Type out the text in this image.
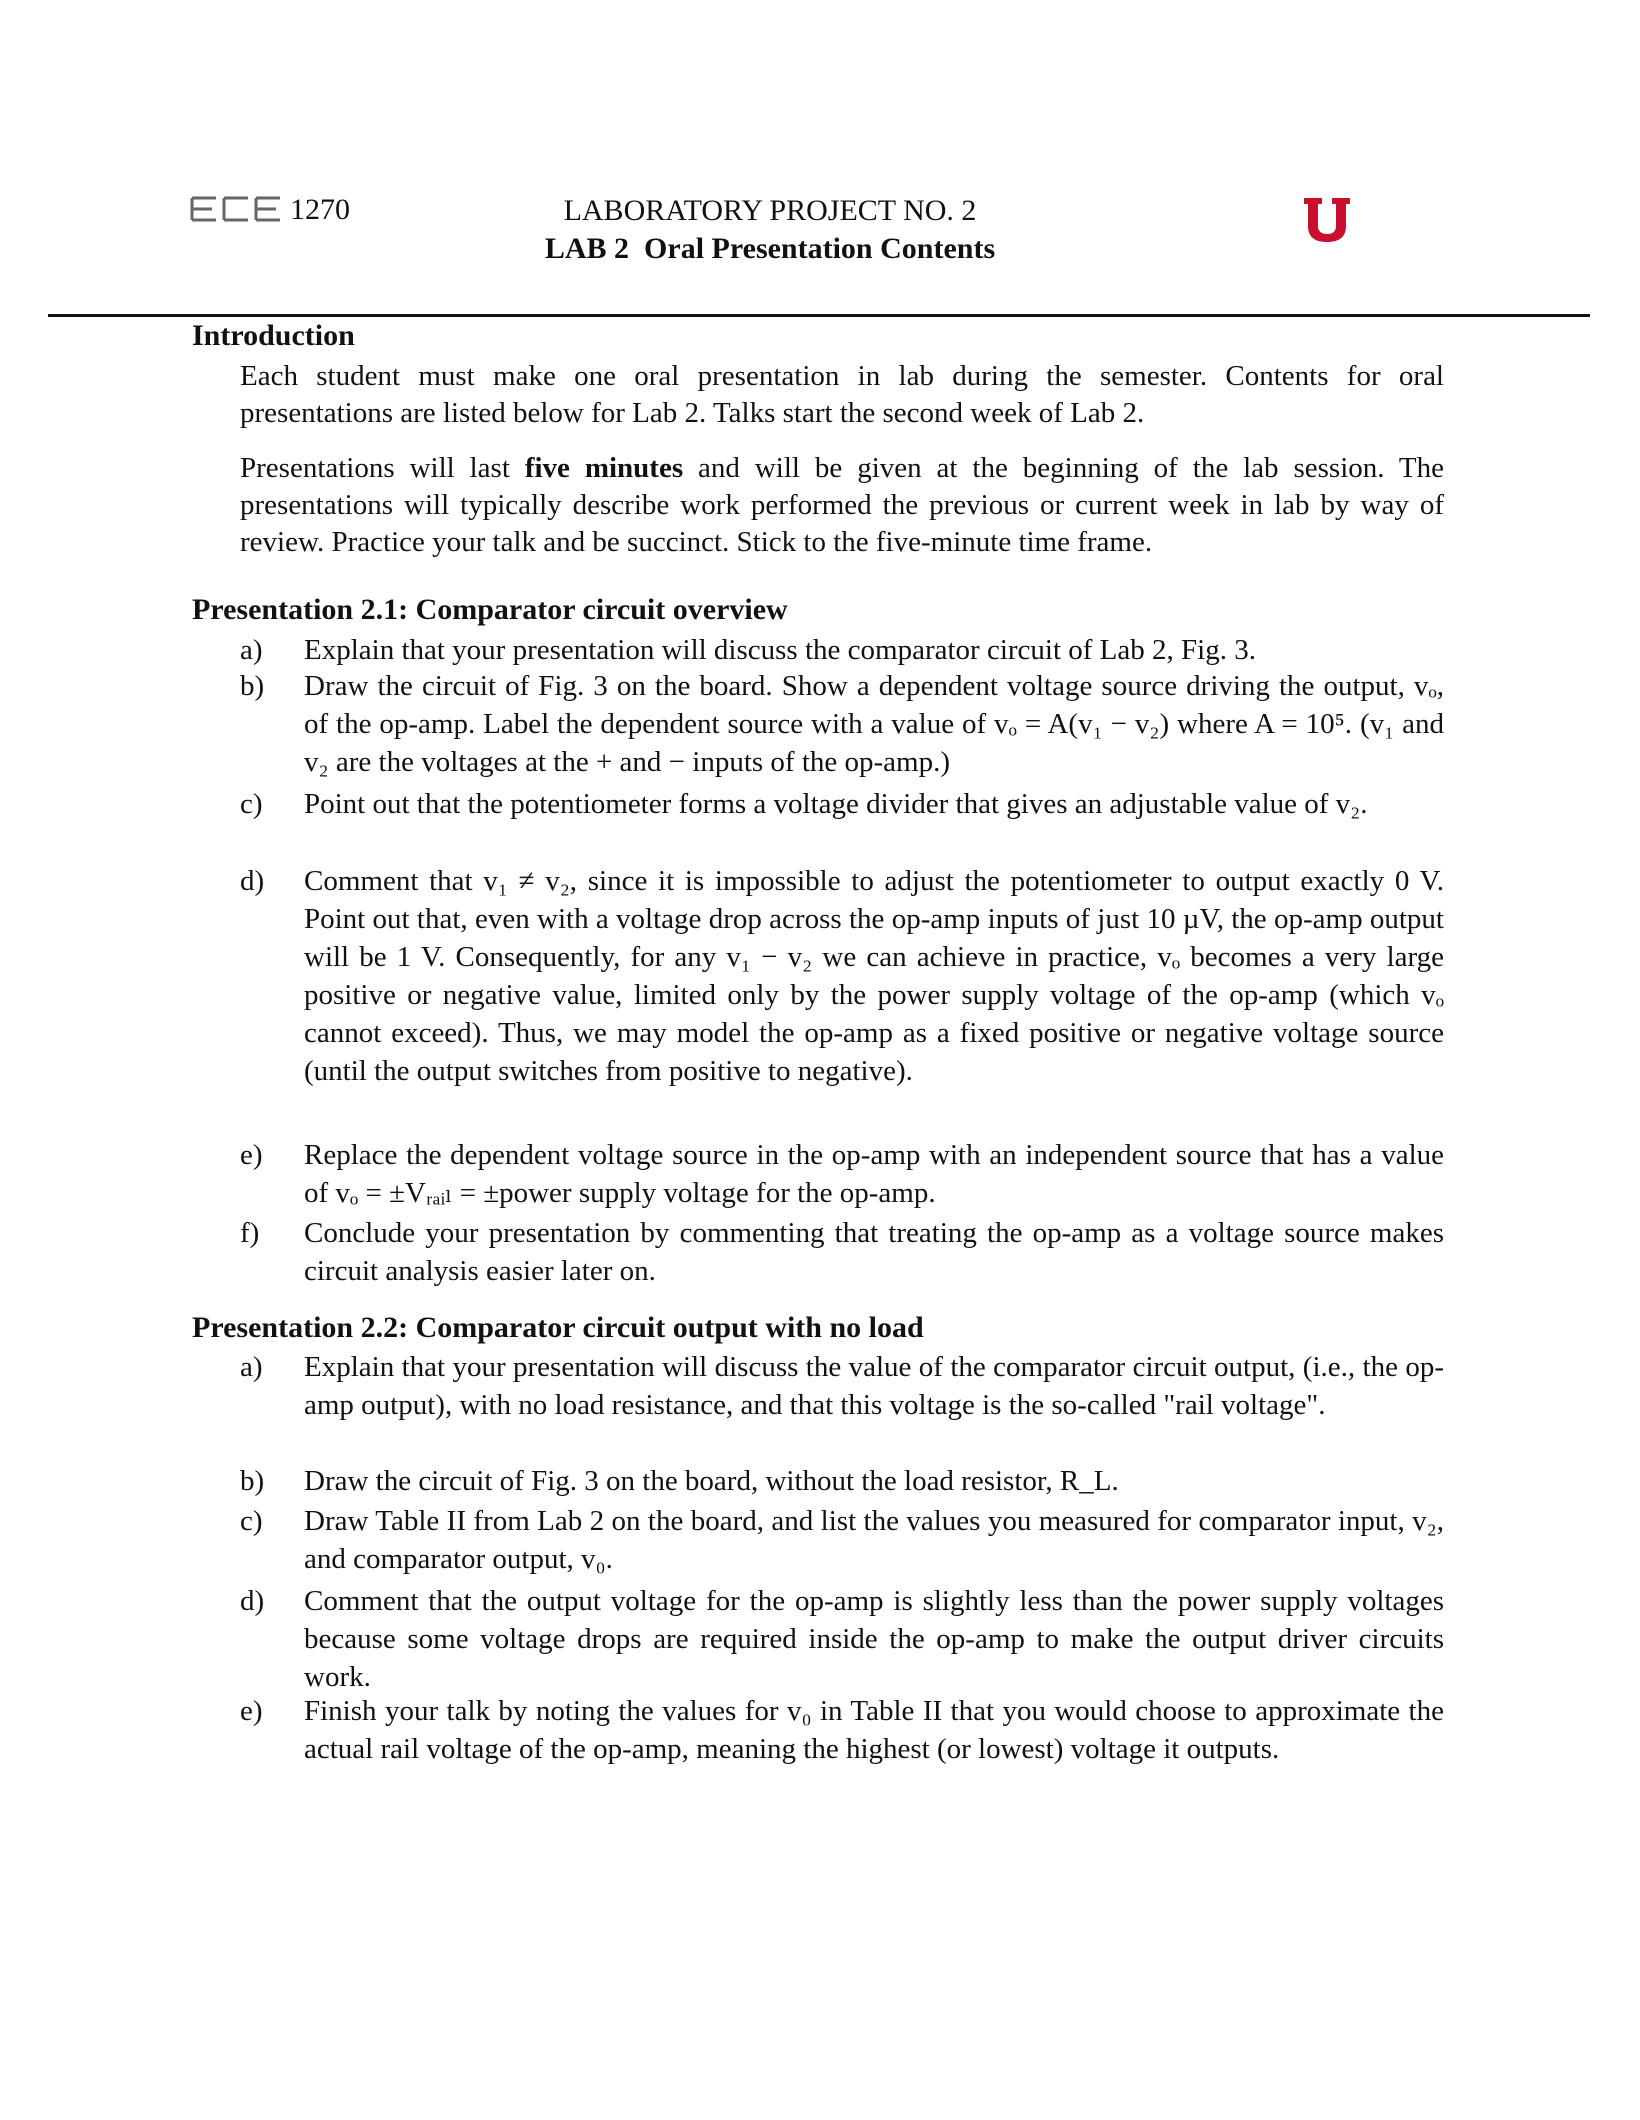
1270	LABORATORY PROJECT NO. 2
LAB 2  Oral Presentation Contents
Introduction
Each student must make one oral presentation in lab during the semester. Contents for oral presentations are listed below for Lab 2. Talks start the second week of Lab 2.
Presentations will last five minutes and will be given at the beginning of the lab session. The presentations will typically describe work performed the previous or current week in lab by way of review. Practice your talk and be succinct. Stick to the five-minute time frame.
Presentation 2.1: Comparator circuit overview
a)	Explain that your presentation will discuss the comparator circuit of Lab 2, Fig. 3.
b)	Draw the circuit of Fig. 3 on the board. Show a dependent voltage source driving the output, vₒ, of the op-amp. Label the dependent source with a value of vₒ = A(v₁ − v₂) where A = 10⁵. (v₁ and v₂ are the voltages at the + and − inputs of the op-amp.)
c)	Point out that the potentiometer forms a voltage divider that gives an adjustable value of v₂.
d)	Comment that v₁ ≠ v₂, since it is impossible to adjust the potentiometer to output exactly 0 V. Point out that, even with a voltage drop across the op-amp inputs of just 10 µV, the op-amp output will be 1 V. Consequently, for any v₁ − v₂ we can achieve in practice, vₒ becomes a very large positive or negative value, limited only by the power supply voltage of the op-amp (which vₒ cannot exceed). Thus, we may model the op-amp as a fixed positive or negative voltage source (until the output switches from positive to negative).
e)	Replace the dependent voltage source in the op-amp with an independent source that has a value of vₒ = ±Vᵣₐᵢₗ = ±power supply voltage for the op-amp.
f)	Conclude your presentation by commenting that treating the op-amp as a voltage source makes circuit analysis easier later on.
Presentation 2.2: Comparator circuit output with no load
a)	Explain that your presentation will discuss the value of the comparator circuit output, (i.e., the op-amp output), with no load resistance, and that this voltage is the so-called "rail voltage".
b)	Draw the circuit of Fig. 3 on the board, without the load resistor, R_L.
c)	Draw Table II from Lab 2 on the board, and list the values you measured for comparator input, v₂, and comparator output, v₀.
d)	Comment that the output voltage for the op-amp is slightly less than the power supply voltages because some voltage drops are required inside the op-amp to make the output driver circuits work.
e)	Finish your talk by noting the values for v₀ in Table II that you would choose to approximate the actual rail voltage of the op-amp, meaning the highest (or lowest) voltage it outputs.
